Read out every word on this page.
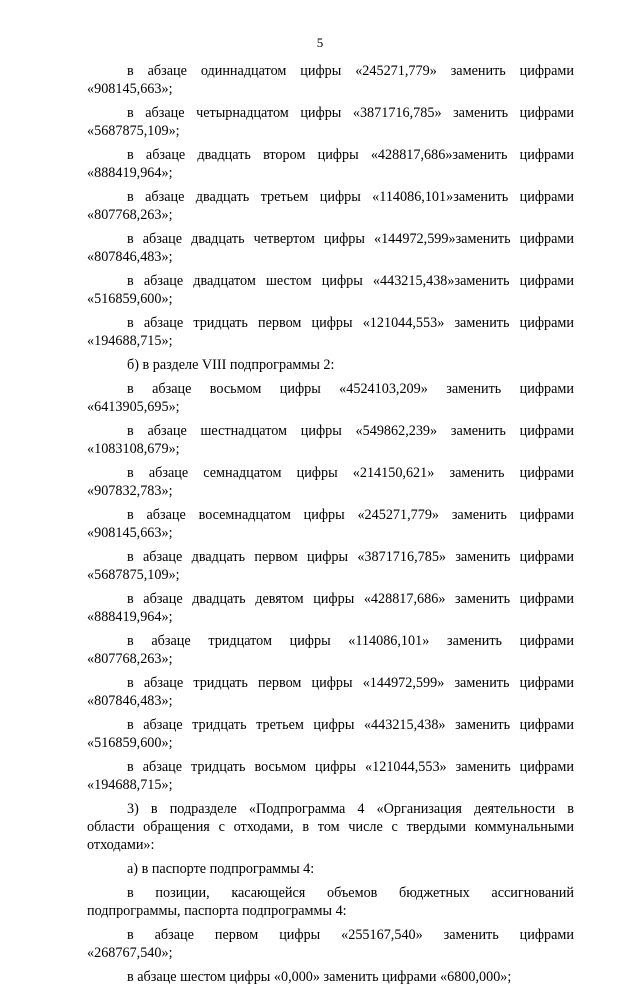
5
в абзаце одиннадцатом цифры «245271,779» заменить цифрами
«908145,663»;
в абзаце четырнадцатом цифры «3871716,785» заменить цифрами
«5687875,109»;
в абзаце двадцать втором цифры «428817,686»заменить цифрами
«888419,964»;
в абзаце двадцать третьем цифры «114086,101»заменить цифрами
«807768,263»;
в абзаце двадцать четвертом цифры «144972,599»заменить цифрами
«807846,483»;
в абзаце двадцатом шестом цифры «443215,438»заменить цифрами
«516859,600»;
в абзаце тридцать первом цифры «121044,553» заменить цифрами
«194688,715»;
б) в разделе VIII подпрограммы 2:
в абзаце восьмом цифры «4524103,209» заменить цифрами
«6413905,695»;
в абзаце шестнадцатом цифры «549862,239» заменить цифрами
«1083108,679»;
в абзаце семнадцатом цифры «214150,621» заменить цифрами
«907832,783»;
в абзаце восемнадцатом цифры «245271,779» заменить цифрами
«908145,663»;
в абзаце двадцать первом цифры «3871716,785» заменить цифрами
«5687875,109»;
в абзаце двадцать девятом цифры «428817,686» заменить цифрами
«888419,964»;
в абзаце тридцатом цифры «114086,101» заменить цифрами
«807768,263»;
в абзаце тридцать первом цифры «144972,599» заменить цифрами
«807846,483»;
в абзаце тридцать третьем цифры «443215,438» заменить цифрами
«516859,600»;
в абзаце тридцать восьмом цифры «121044,553» заменить цифрами
«194688,715»;
3) в подразделе «Подпрограмма 4 «Организация деятельности в
области обращения с отходами, в том числе с твердыми коммунальными
отходами»:
а) в паспорте подпрограммы 4:
в позиции, касающейся объемов бюджетных ассигнований
подпрограммы, паспорта подпрограммы 4:
в абзаце первом цифры «255167,540» заменить цифрами
«268767,540»;
в абзаце шестом цифры «0,000» заменить цифрами «6800,000»;
